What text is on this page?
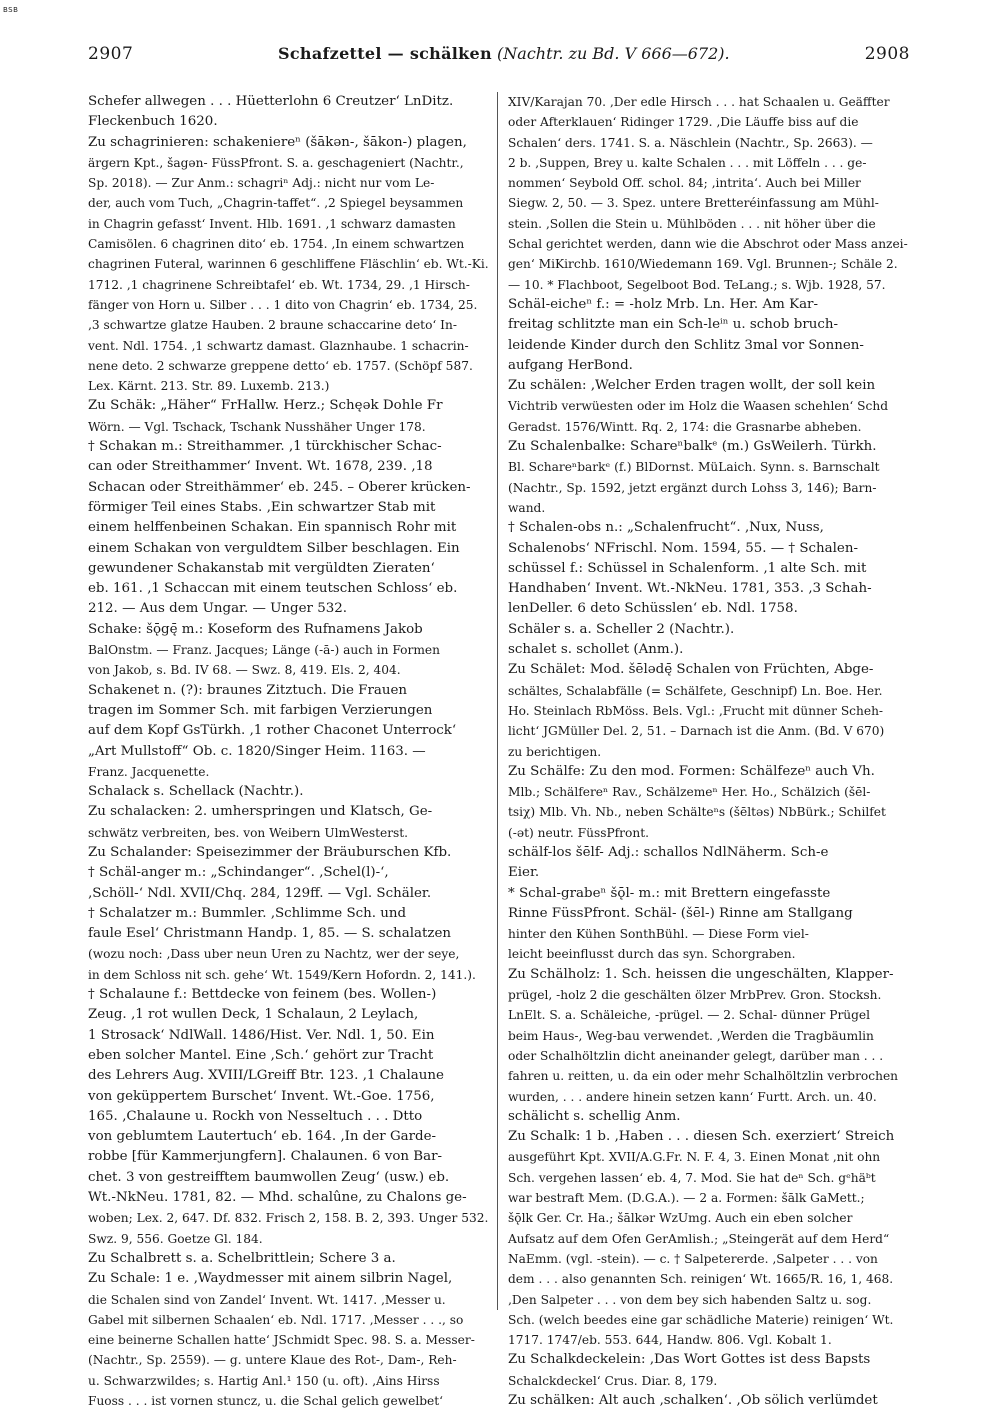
BSB
2907	Schafzettel — schälken (Nachtr. zu Bd. V 666—672).	2908
Schefer allwegen . . . Hüetterlohn 6 Creutzer‘ LnDitz.
Fleckenbuch 1620.
Zu schagrinieren: schakeniereⁿ (šākən-, šākon-) plagen,
ärgern Kpt., šagən- FüssPfront. S. a. geschageniert (Nachtr.,
Sp. 2018). — Zur Anm.: schagriⁿ Adj.: nicht nur vom Le-
der, auch vom Tuch, „Chagrin-taffet“. ‚2 Spiegel beysammen
in Chagrin gefasst‘ Invent. Hlb. 1691. ‚1 schwarz damasten
Camisölen. 6 chagrinen dito‘ eb. 1754. ‚In einem schwartzen
chagrinen Futeral, warinnen 6 geschliffene Fläschlin‘ eb. Wt.-Ki.
1712. ‚1 chagrinene Schreibtafel‘ eb. Wt. 1734, 29. ‚1 Hirsch-
fänger von Horn u. Silber . . . 1 dito von Chagrin‘ eb. 1734, 25.
‚3 schwartze glatze Hauben. 2 braune schaccarine deto‘ In-
vent. Ndl. 1754. ‚1 schwartz damast. Glaznhaube. 1 schacrin-
nene deto. 2 schwarze greppene detto‘ eb. 1757. (Schöpf 587.
Lex. Kärnt. 213. Str. 89. Luxemb. 213.)
Zu Schäk: „Häher“ FrHallw. Herz.; Schęək Dohle Fr
Wörn. — Vgl. Tschack, Tschank Nusshäher Unger 178.
† Schakan m.: Streithammer. ‚1 türckhischer Schac-
can oder Streithammer‘ Invent. Wt. 1678, 239. ‚18
Schacan oder Streithämmer‘ eb. 245. – Oberer krücken-
förmiger Teil eines Stabs. ‚Ein schwartzer Stab mit
einem helffenbeinen Schakan. Ein spannisch Rohr mit
einem Schakan von verguldtem Silber beschlagen. Ein
gewundener Schakanstab mit vergüldten Zieraten‘
eb. 161. ‚1 Schaccan mit einem teutschen Schloss‘ eb.
212. — Aus dem Ungar. — Unger 532.
Schake: šǭgę̄ m.: Koseform des Rufnamens Jakob
BalOnstm. — Franz. Jacques; Länge (-ā-) auch in Formen
von Jakob, s. Bd. IV 68. — Swz. 8, 419. Els. 2, 404.
Schakenet n. (?): braunes Zitztuch. Die Frauen
tragen im Sommer Sch. mit farbigen Verzierungen
auf dem Kopf GsTürkh. ‚1 rother Chaconet Unterrock‘
„Art Mullstoff“ Ob. c. 1820/Singer Heim. 1163. —
Franz. Jacquenette.
Schalack s. Schellack (Nachtr.).
Zu schalacken: 2. umherspringen und Klatsch, Ge-
schwätz verbreiten, bes. von Weibern UlmWesterst.
Zu Schalander: Speisezimmer der Bräuburschen Kfb.
† Schäl-anger m.: „Schindanger“. ‚Schel(l)-‘,
‚Schöll-‘ Ndl. XVII/Chq. 284, 129ff. — Vgl. Schäler.
† Schalatzer m.: Bummler. ‚Schlimme Sch. und
faule Esel‘ Christmann Handp. 1, 85. — S. schalatzen
(wozu noch: ‚Dass uber neun Uren zu Nachtz, wer der seye,
in dem Schloss nit sch. gehe‘ Wt. 1549/Kern Hofordn. 2, 141.).
† Schalaune f.: Bettdecke von feinem (bes. Wollen-)
Zeug. ‚1 rot wullen Deck, 1 Schalaun, 2 Leylach,
1 Strosack‘ NdlWall. 1486/Hist. Ver. Ndl. 1, 50. Ein
eben solcher Mantel. Eine ‚Sch.‘ gehört zur Tracht
des Lehrers Aug. XVIII/LGreiff Btr. 123. ‚1 Chalaune
von geküppertem Burschet‘ Invent. Wt.-Goe. 1756,
165. ‚Chalaune u. Rockh von Nesseltuch . . . Dtto
von geblumtem Lautertuch‘ eb. 164. ‚In der Garde-
robbe [für Kammerjungfern]. Chalaunen. 6 von Bar-
chet. 3 von gestreifftem baumwollen Zeug‘ (usw.) eb.
Wt.-NkNeu. 1781, 82. — Mhd. schalûne, zu Chalons ge-
woben; Lex. 2, 647. Df. 832. Frisch 2, 158. B. 2, 393. Unger 532.
Swz. 9, 556. Goetze Gl. 184.
Zu Schalbrett s. a. Schelbrittlein; Schere 3 a.
Zu Schale: 1 e. ‚Waydmesser mit ainem silbrin Nagel,
die Schalen sind von Zandel‘ Invent. Wt. 1417. ‚Messer u.
Gabel mit silbernen Schaalen‘ eb. Ndl. 1717. ‚Messer . . ., so
eine beinerne Schallen hatte‘ JSchmidt Spec. 98. S. a. Messer-
(Nachtr., Sp. 2559). — g. untere Klaue des Rot-, Dam-, Reh-
u. Schwarzwildes; s. Hartig Anl.¹ 150 (u. oft). ‚Ains Hirss
Fuoss . . . ist vornen stuncz, u. die Schal gelich gewelbet‘
XIV/Karajan 70. ‚Der edle Hirsch . . . hat Schaalen u. Geäffter
oder Afterklauen‘ Ridinger 1729. ‚Die Läuffe biss auf die
Schalen‘ ders. 1741. S. a. Näschlein (Nachtr., Sp. 2663). —
2 b. ‚Suppen, Brey u. kalte Schalen . . . mit Löffeln . . . ge-
nommen‘ Seybold Off. schol. 84; ‚intrita‘. Auch bei Miller
Siegw. 2, 50. — 3. Spez. untere Bretteréinfassung am Mühl-
stein. ‚Sollen die Stein u. Mühlböden . . . nit höher über die
Schal gerichtet werden, dann wie die Abschrot oder Mass anzei-
gen‘ MiKirchb. 1610/Wiedemann 169. Vgl. Brunnen-; Schäle 2.
— 10. * Flachboot, Segelboot Bod. TeLang.; s. Wjb. 1928, 57.
Schäl-eicheⁿ f.: = -holz Mrb. Ln. Her. Am Kar-
freitag schlitzte man ein Sch-leⁱⁿ u. schob bruch-
leidende Kinder durch den Schlitz 3mal vor Sonnen-
aufgang HerBond.
Zu schälen: ‚Welcher Erden tragen wollt, der soll kein
Vichtrib verwüesten oder im Holz die Waasen schehlen‘ Schd
Geradst. 1576/Wintt. Rq. 2, 174: die Grasnarbe abheben.
Zu Schalenbalke: Schareⁿbalkᵉ (m.) GsWeilerh. Türkh.
Bl. Schareⁿbarkᵉ (f.) BlDornst. MüLaich. Synn. s. Barnschalt
(Nachtr., Sp. 1592, jetzt ergänzt durch Lohss 3, 146); Barn-
wand.
† Schalen-obs n.: „Schalenfrucht“. ‚Nux, Nuss,
Schalenobs‘ NFrischl. Nom. 1594, 55. — † Schalen-
schüssel f.: Schüssel in Schalenform. ‚1 alte Sch. mit
Handhaben‘ Invent. Wt.-NkNeu. 1781, 353. ‚3 Schah-
lenDeller. 6 deto Schüsslen‘ eb. Ndl. 1758.
Schäler s. a. Scheller 2 (Nachtr.).
schalet s. schollet (Anm.).
Zu Schälet: Mod. šēlədę̄ Schalen von Früchten, Abge-
schältes, Schalabfälle (= Schälfete, Geschnipf) Ln. Boe. Her.
Ho. Steinlach RbMöss. Bels. Vgl.: ‚Frucht mit dünner Scheh-
licht‘ JGMüller Del. 2, 51. – Darnach ist die Anm. (Bd. V 670)
zu berichtigen.
Zu Schälfe: Zu den mod. Formen: Schälfezeⁿ auch Vh.
Mlb.; Schälfereⁿ Rav., Schälzemeⁿ Her. Ho., Schälzich (šēl-
tsiχ) Mlb. Vh. Nb., neben Schälteⁿs (šēltəs) NbBürk.; Schilfet
(-ət) neutr. FüssPfront.
schälf-los šēlf- Adj.: schallos NdlNäherm. Sch-e
Eier.
* Schal-grabeⁿ šǭl- m.: mit Brettern eingefasste
Rinne FüssPfront. Schäl- (šēl-) Rinne am Stallgang
hinter den Kühen SonthBühl. — Diese Form viel-
leicht beeinflusst durch das syn. Schorgraben.
Zu Schälholz: 1. Sch. heissen die ungeschälten, Klapper-
prügel, -holz 2 die geschälten ölzer MrbPrev. Gron. Stocksh.
LnElt. S. a. Schäleiche, -prügel. — 2. Schal- dünner Prügel
beim Haus-, Weg-bau verwendet. ‚Werden die Tragbäumlin
oder Schalhöltzlin dicht aneinander gelegt, darüber man . . .
fahren u. reitten, u. da ein oder mehr Schalhöltzlin verbrochen
wurden, . . . andere hinein setzen kann‘ Furtt. Arch. un. 40.
schälicht s. schellig Anm.
Zu Schalk: 1 b. ‚Haben . . . diesen Sch. exerziert‘ Streich
ausgeführt Kpt. XVII/A.G.Fr. N. F. 4, 3. Einen Monat ‚nit ohn
Sch. vergehen lassen‘ eb. 4, 7. Mod. Sie hat deⁿ Sch. gᵉhäᵇt
war bestraft Mem. (D.G.A.). — 2 a. Formen: šālk GaMett.;
šǭlk Ger. Cr. Ha.; šālkər WzUmg. Auch ein eben solcher
Aufsatz auf dem Ofen GerAmlish.; „Steingerät auf dem Herd“
NaEmm. (vgl. -stein). — c. † Salpetererde. ‚Salpeter . . . von
dem . . . also genannten Sch. reinigen‘ Wt. 1665/R. 16, 1, 468.
‚Den Salpeter . . . von dem bey sich habenden Saltz u. sog.
Sch. (welch beedes eine gar schädliche Materie) reinigen‘ Wt.
1717. 1747/eb. 553. 644, Handw. 806. Vgl. Kobalt 1.
Zu Schalkdeckelein: ‚Das Wort Gottes ist dess Bapsts
Schalckdeckel‘ Crus. Diar. 8, 179.
Zu schälken: Alt auch ‚schalken‘. ‚Ob sölich verlümdet
